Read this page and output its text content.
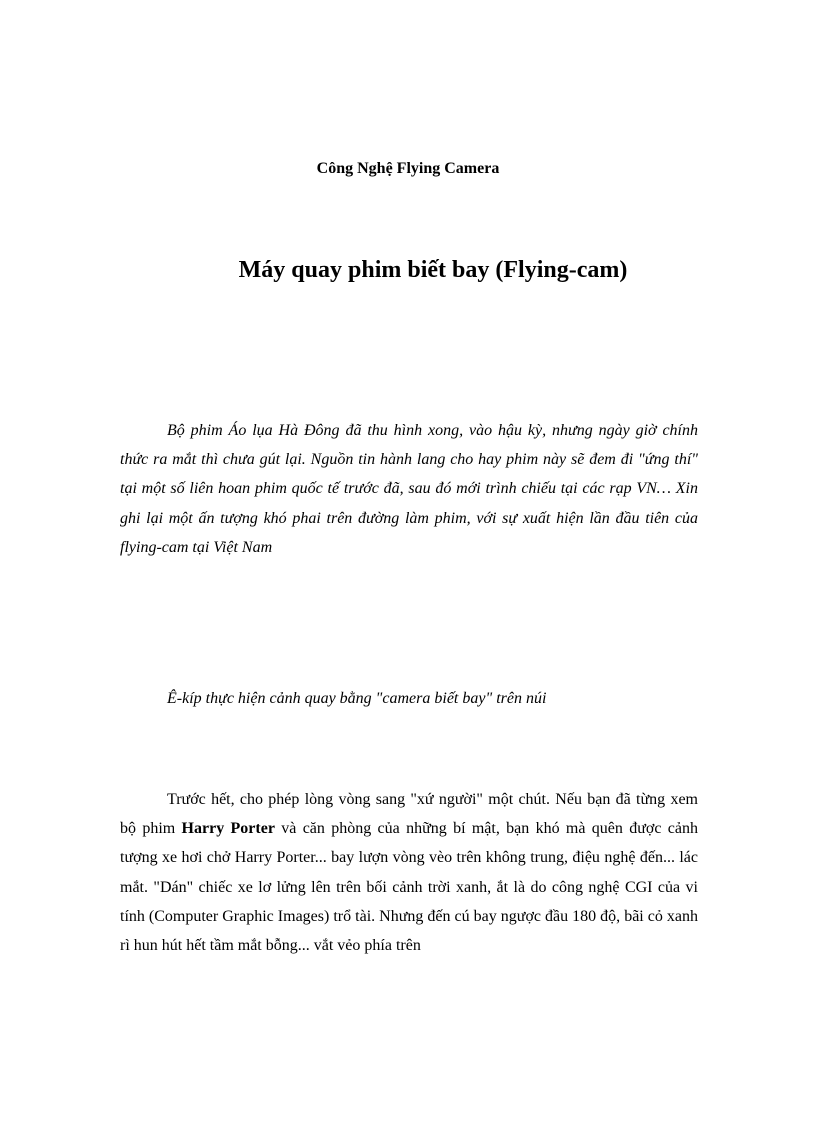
Công Nghệ Flying Camera

Máy quay phim biết bay (Flying-cam)

Bộ phim Áo lụa Hà Đông đã thu hình xong, vào hậu kỳ, nhưng ngày giờ chính thức ra mắt thì chưa gút lại. Nguồn tin hành lang cho hay phim này sẽ đem đi "ứng thí" tại một số liên hoan phim quốc tế trước đã, sau đó mới trình chiếu tại các rạp VN… Xin ghi lại một ấn tượng khó phai trên đường làm phim, với sự xuất hiện lần đầu tiên của flying-cam tại Việt Nam

Ê-kíp thực hiện cảnh quay bằng "camera biết bay" trên núi

Trước hết, cho phép lòng vòng sang "xứ người" một chút. Nếu bạn đã từng xem bộ phim Harry Porter và căn phòng của những bí mật, bạn khó mà quên được cảnh tượng xe hơi chở Harry Porter... bay lượn vòng vèo trên không trung, điệu nghệ đến... lác mắt. "Dán" chiếc xe lơ lửng lên trên bối cảnh trời xanh, ắt là do công nghệ CGI của vi tính (Computer Graphic Images) trổ tài. Nhưng đến cú bay ngược đầu 180 độ, bãi cỏ xanh rì hun hút hết tầm mắt bỗng... vắt vẻo phía trên
